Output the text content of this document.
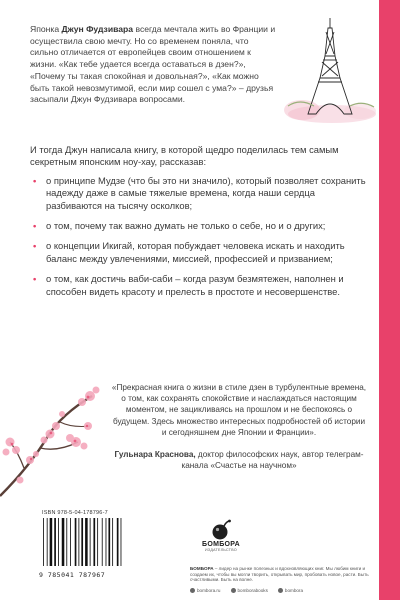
Японка Джун Фудзивара всегда мечтала жить во Франции и осуществила свою мечту. Но со временем поняла, что сильно отличается от европейцев своим отношением к жизни. «Как тебе удается всегда оставаться в дзен?», «Почему ты такая спокойная и довольная?», «Как можно быть такой невозмутимой, если мир сошел с ума?» – друзья засыпали Джун Фудзивара вопросами.

И тогда Джун написала книгу, в которой щедро поделилась тем самым секретным японским ноу-хау, рассказав:

• о принципе Мудзе (что бы это ни значило), который позволяет сохранить надежду даже в самые тяжелые времена, когда наши сердца разбиваются на тысячу осколков;
• о том, почему так важно думать не только о себе, но и о других;
• о концепции Икигай, которая побуждает человека искать и находить баланс между увлечениями, миссией, профессией и призванием;
• о том, как достичь ваби-саби – когда разум безмятежен, наполнен и способен видеть красоту и прелесть в простоте и несовершенстве.

«Прекрасная книга о жизни в стиле дзен в турбулентные времена, о том, как сохранять спокойствие и наслаждаться настоящим моментом, не зацикливаясь на прошлом и не беспокоясь о будущем. Здесь множество интересных подробностей об истории и сегодняшнем дне Японии и Франции».

Гульнара Краснова, доктор философских наук, автор телеграм-канала «Счастье на научном»

ISBN 978-5-04-178796-7
9 785041 787967
БОМБОРА
ИЗДАТЕЛЬСТВО
БОМБОРА – лидер на рынке полезных и вдохновляющих книг. Мы любим книги и создаем их, чтобы вы могли творить, открывать мир, пробовать новое, расти. Быть счастливыми. Быть на волне.
bombora.ru	bomborabooks	bombora
